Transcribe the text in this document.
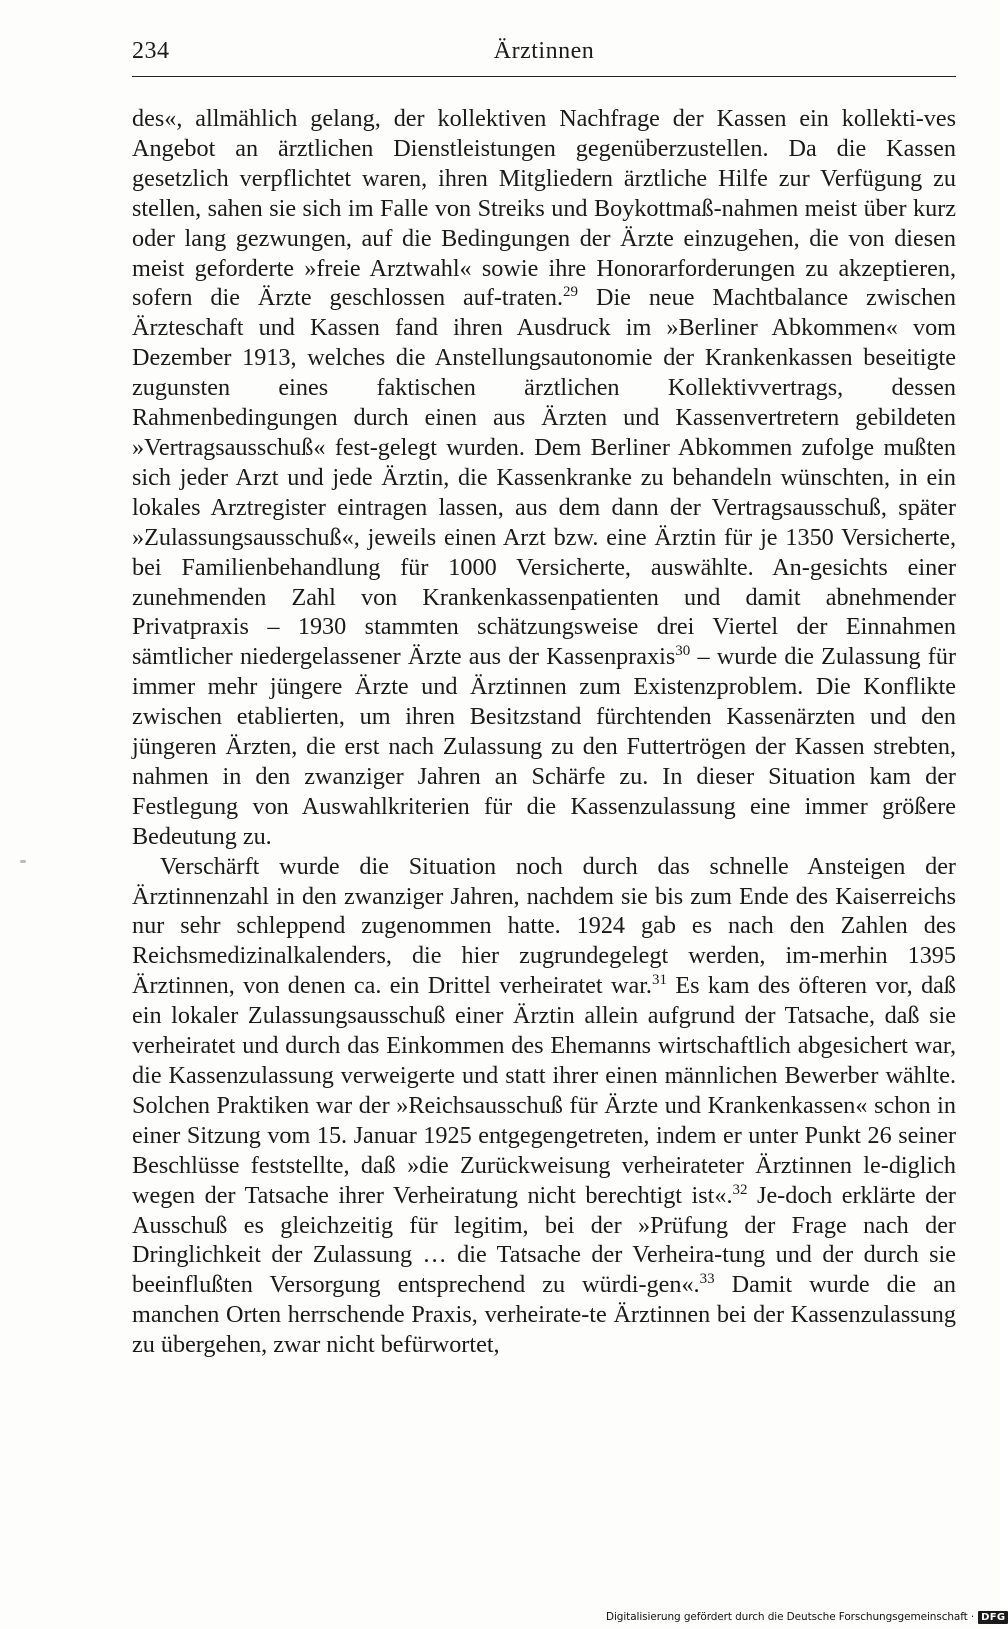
234	Ärztinnen

des«, allmählich gelang, der kollektiven Nachfrage der Kassen ein kollekti-ves Angebot an ärztlichen Dienstleistungen gegenüberzustellen. Da die Kassen gesetzlich verpflichtet waren, ihren Mitgliedern ärztliche Hilfe zur Verfügung zu stellen, sahen sie sich im Falle von Streiks und Boykottmaß-nahmen meist über kurz oder lang gezwungen, auf die Bedingungen der Ärzte einzugehen, die von diesen meist geforderte »freie Arztwahl« sowie ihre Honorarforderungen zu akzeptieren, sofern die Ärzte geschlossen auf-traten.$^{29}$ Die neue Machtbalance zwischen Ärzteschaft und Kassen fand ihren Ausdruck im »Berliner Abkommen« vom Dezember 1913, welches die Anstellungsautonomie der Krankenkassen beseitigte zugunsten eines faktischen ärztlichen Kollektivvertrags, dessen Rahmenbedingungen durch einen aus Ärzten und Kassenvertretern gebildeten »Vertragsausschuß« fest-gelegt wurden. Dem Berliner Abkommen zufolge mußten sich jeder Arzt und jede Ärztin, die Kassenkranke zu behandeln wünschten, in ein lokales Arztregister eintragen lassen, aus dem dann der Vertragsausschuß, später »Zulassungsausschuß«, jeweils einen Arzt bzw. eine Ärztin für je 1350 Versicherte, bei Familienbehandlung für 1000 Versicherte, auswählte. An-gesichts einer zunehmenden Zahl von Krankenkassenpatienten und damit abnehmender Privatpraxis – 1930 stammten schätzungsweise drei Viertel der Einnahmen sämtlicher niedergelassener Ärzte aus der Kassenpraxis$^{30}$ – wurde die Zulassung für immer mehr jüngere Ärzte und Ärztinnen zum Existenzproblem. Die Konflikte zwischen etablierten, um ihren Besitzstand fürchtenden Kassenärzten und den jüngeren Ärzten, die erst nach Zulassung zu den Futtertrögen der Kassen strebten, nahmen in den zwanziger Jahren an Schärfe zu. In dieser Situation kam der Festlegung von Auswahlkriterien für die Kassenzulassung eine immer größere Bedeutung zu.

Verschärft wurde die Situation noch durch das schnelle Ansteigen der Ärztinnenzahl in den zwanziger Jahren, nachdem sie bis zum Ende des Kaiserreichs nur sehr schleppend zugenommen hatte. 1924 gab es nach den Zahlen des Reichsmedizinalkalenders, die hier zugrundegelegt werden, im-merhin 1395 Ärztinnen, von denen ca. ein Drittel verheiratet war.$^{31}$ Es kam des öfteren vor, daß ein lokaler Zulassungsausschuß einer Ärztin allein aufgrund der Tatsache, daß sie verheiratet und durch das Einkommen des Ehemanns wirtschaftlich abgesichert war, die Kassenzulassung verweigerte und statt ihrer einen männlichen Bewerber wählte. Solchen Praktiken war der »Reichsausschuß für Ärzte und Krankenkassen« schon in einer Sitzung vom 15. Januar 1925 entgegengetreten, indem er unter Punkt 26 seiner Beschlüsse feststellte, daß »die Zurückweisung verheirateter Ärztinnen le-diglich wegen der Tatsache ihrer Verheiratung nicht berechtigt ist«.$^{32}$ Je-doch erklärte der Ausschuß es gleichzeitig für legitim, bei der »Prüfung der Frage nach der Dringlichkeit der Zulassung … die Tatsache der Verheira-tung und der durch sie beeinflußten Versorgung entsprechend zu würdi-gen«.$^{33}$ Damit wurde die an manchen Orten herrschende Praxis, verheirate-te Ärztinnen bei der Kassenzulassung zu übergehen, zwar nicht befürwortet,

Digitalisierung gefördert durch die Deutsche Forschungsgemeinschaft · DFG
